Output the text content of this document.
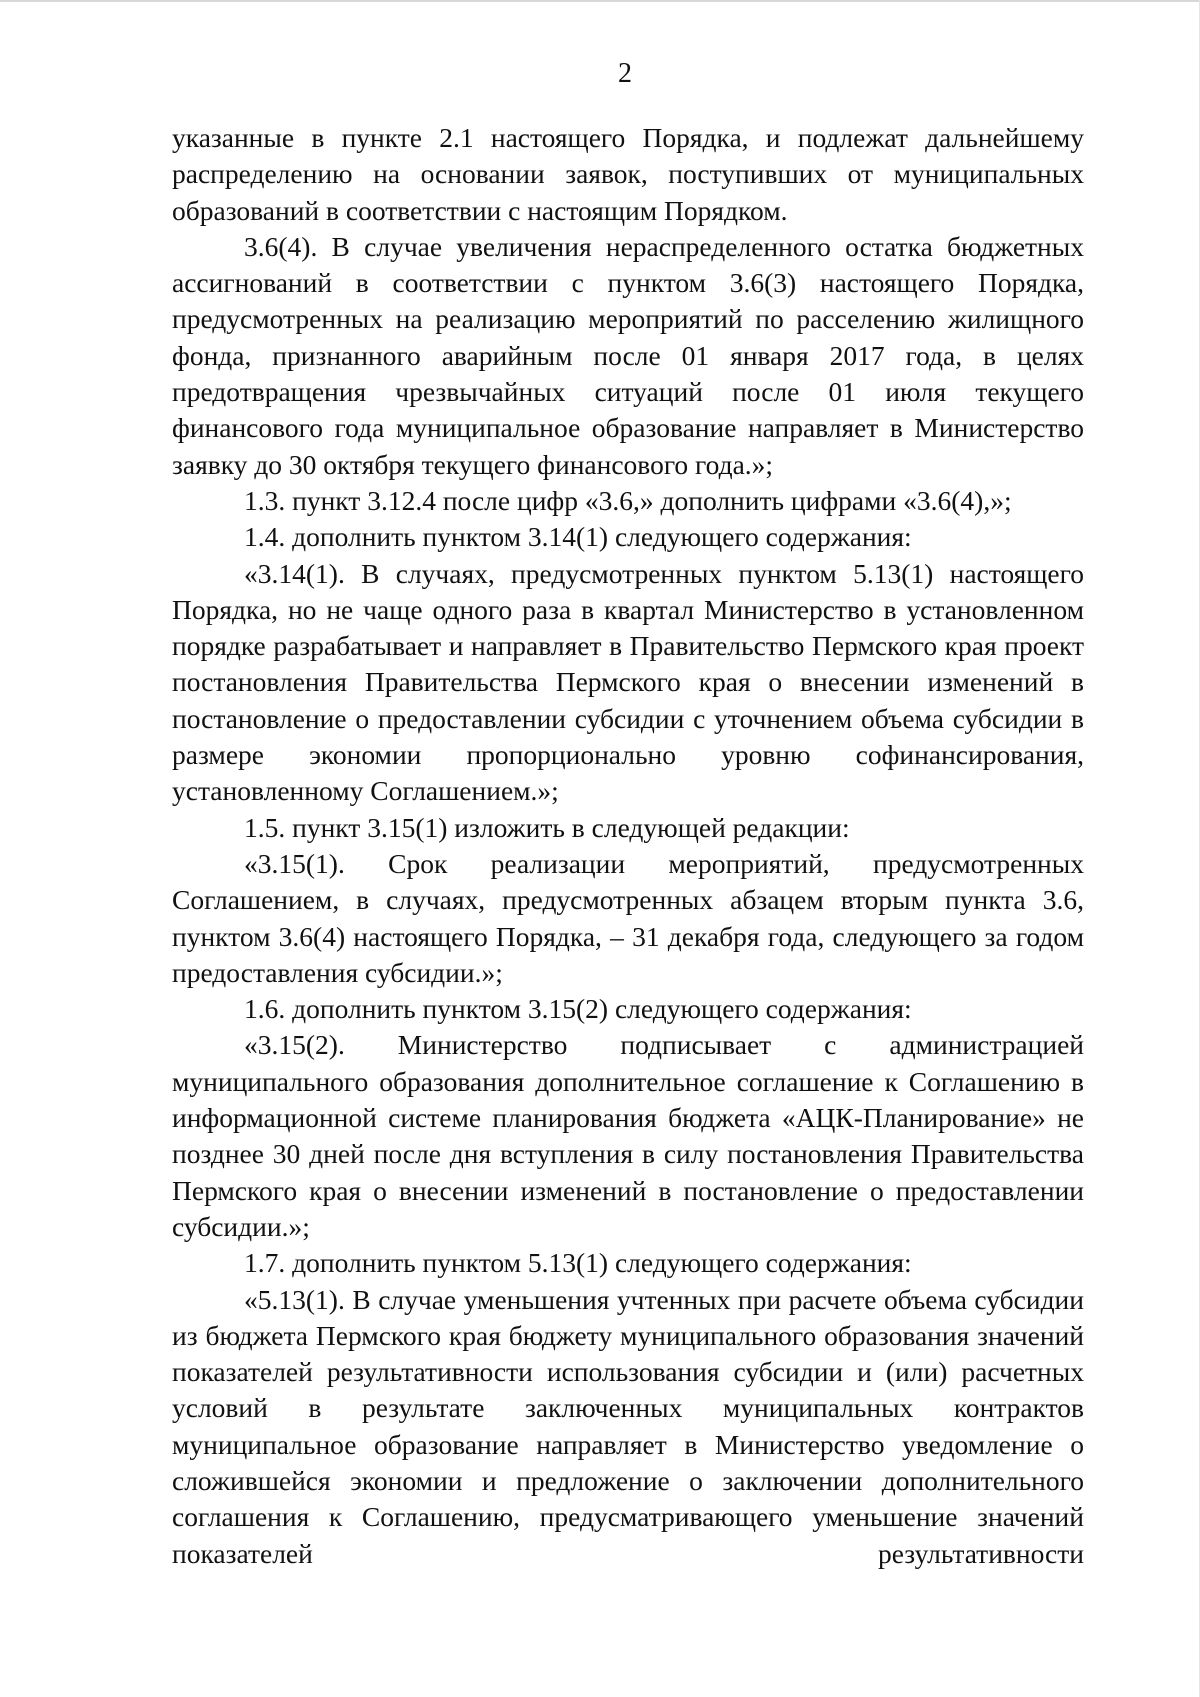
2

указанные в пункте 2.1 настоящего Порядка, и подлежат дальнейшему распределению на основании заявок, поступивших от муниципальных образований в соответствии с настоящим Порядком.

3.6(4). В случае увеличения нераспределенного остатка бюджетных ассигнований в соответствии с пунктом 3.6(3) настоящего Порядка, предусмотренных на реализацию мероприятий по расселению жилищного фонда, признанного аварийным после 01 января 2017 года, в целях предотвращения чрезвычайных ситуаций после 01 июля текущего финансового года муниципальное образование направляет в Министерство заявку до 30 октября текущего финансового года.»;

1.3. пункт 3.12.4 после цифр «3.6,» дополнить цифрами «3.6(4),»;

1.4. дополнить пунктом 3.14(1) следующего содержания:

«3.14(1). В случаях, предусмотренных пунктом 5.13(1) настоящего Порядка, но не чаще одного раза в квартал Министерство в установленном порядке разрабатывает и направляет в Правительство Пермского края проект постановления Правительства Пермского края о внесении изменений в постановление о предоставлении субсидии с уточнением объема субсидии в размере экономии пропорционально уровню софинансирования, установленному Соглашением.»;

1.5. пункт 3.15(1) изложить в следующей редакции:

«3.15(1). Срок реализации мероприятий, предусмотренных Соглашением, в случаях, предусмотренных абзацем вторым пункта 3.6, пунктом 3.6(4) настоящего Порядка, – 31 декабря года, следующего за годом предоставления субсидии.»;

1.6. дополнить пунктом 3.15(2) следующего содержания:

«3.15(2). Министерство подписывает с администрацией муниципального образования дополнительное соглашение к Соглашению в информационной системе планирования бюджета «АЦК-Планирование» не позднее 30 дней после дня вступления в силу постановления Правительства Пермского края о внесении изменений в постановление о предоставлении субсидии.»;

1.7. дополнить пунктом 5.13(1) следующего содержания:

«5.13(1). В случае уменьшения учтенных при расчете объема субсидии из бюджета Пермского края бюджету муниципального образования значений показателей результативности использования субсидии и (или) расчетных условий в результате заключенных муниципальных контрактов муниципальное образование направляет в Министерство уведомление о сложившейся экономии и предложение о заключении дополнительного соглашения к Соглашению, предусматривающего уменьшение значений показателей результативности
